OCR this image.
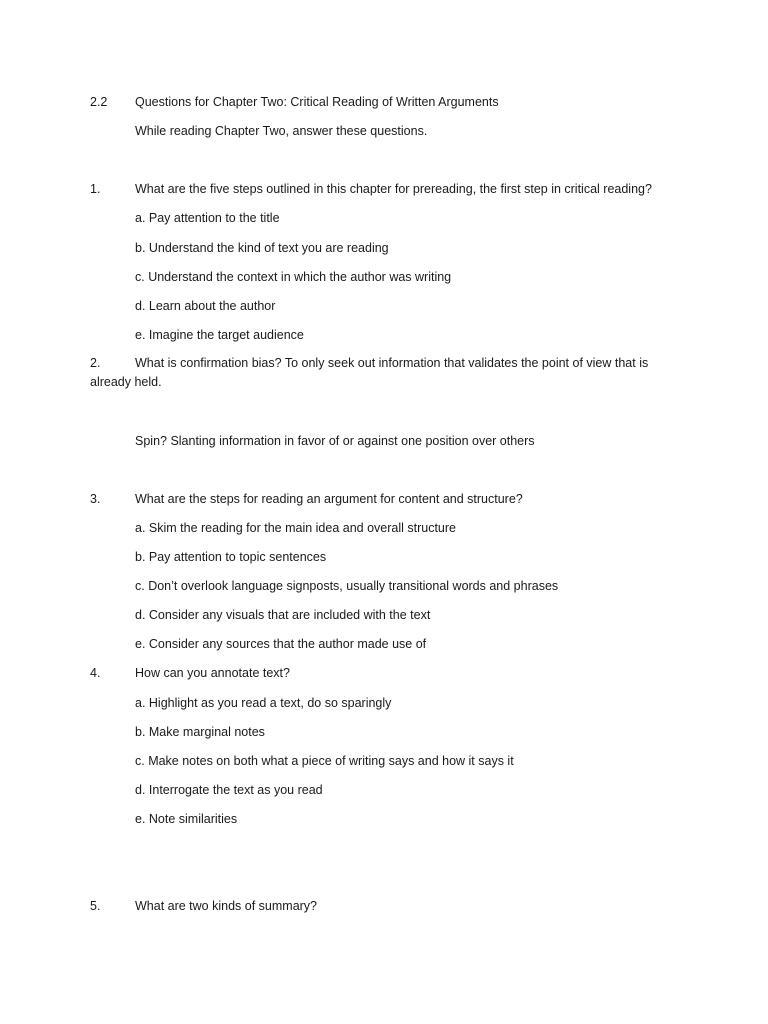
2.2 Questions for Chapter Two: Critical Reading of Written Arguments
While reading Chapter Two, answer these questions.
1.	What are the five steps outlined in this chapter for prereading, the first step in critical reading?
a. Pay attention to the title
b. Understand the kind of text you are reading
c. Understand the context in which the author was writing
d. Learn about the author
e. Imagine the target audience
2.	What is confirmation bias? To only seek out information that validates the point of view that is already held.
Spin? Slanting information in favor of or against one position over others
3.	What are the steps for reading an argument for content and structure?
a. Skim the reading for the main idea and overall structure
b. Pay attention to topic sentences
c. Don’t overlook language signposts, usually transitional words and phrases
d. Consider any visuals that are included with the text
e. Consider any sources that the author made use of
4.	How can you annotate text?
a. Highlight as you read a text, do so sparingly
b. Make marginal notes
c. Make notes on both what a piece of writing says and how it says it
d. Interrogate the text as you read
e. Note similarities
5.	What are two kinds of summary?
